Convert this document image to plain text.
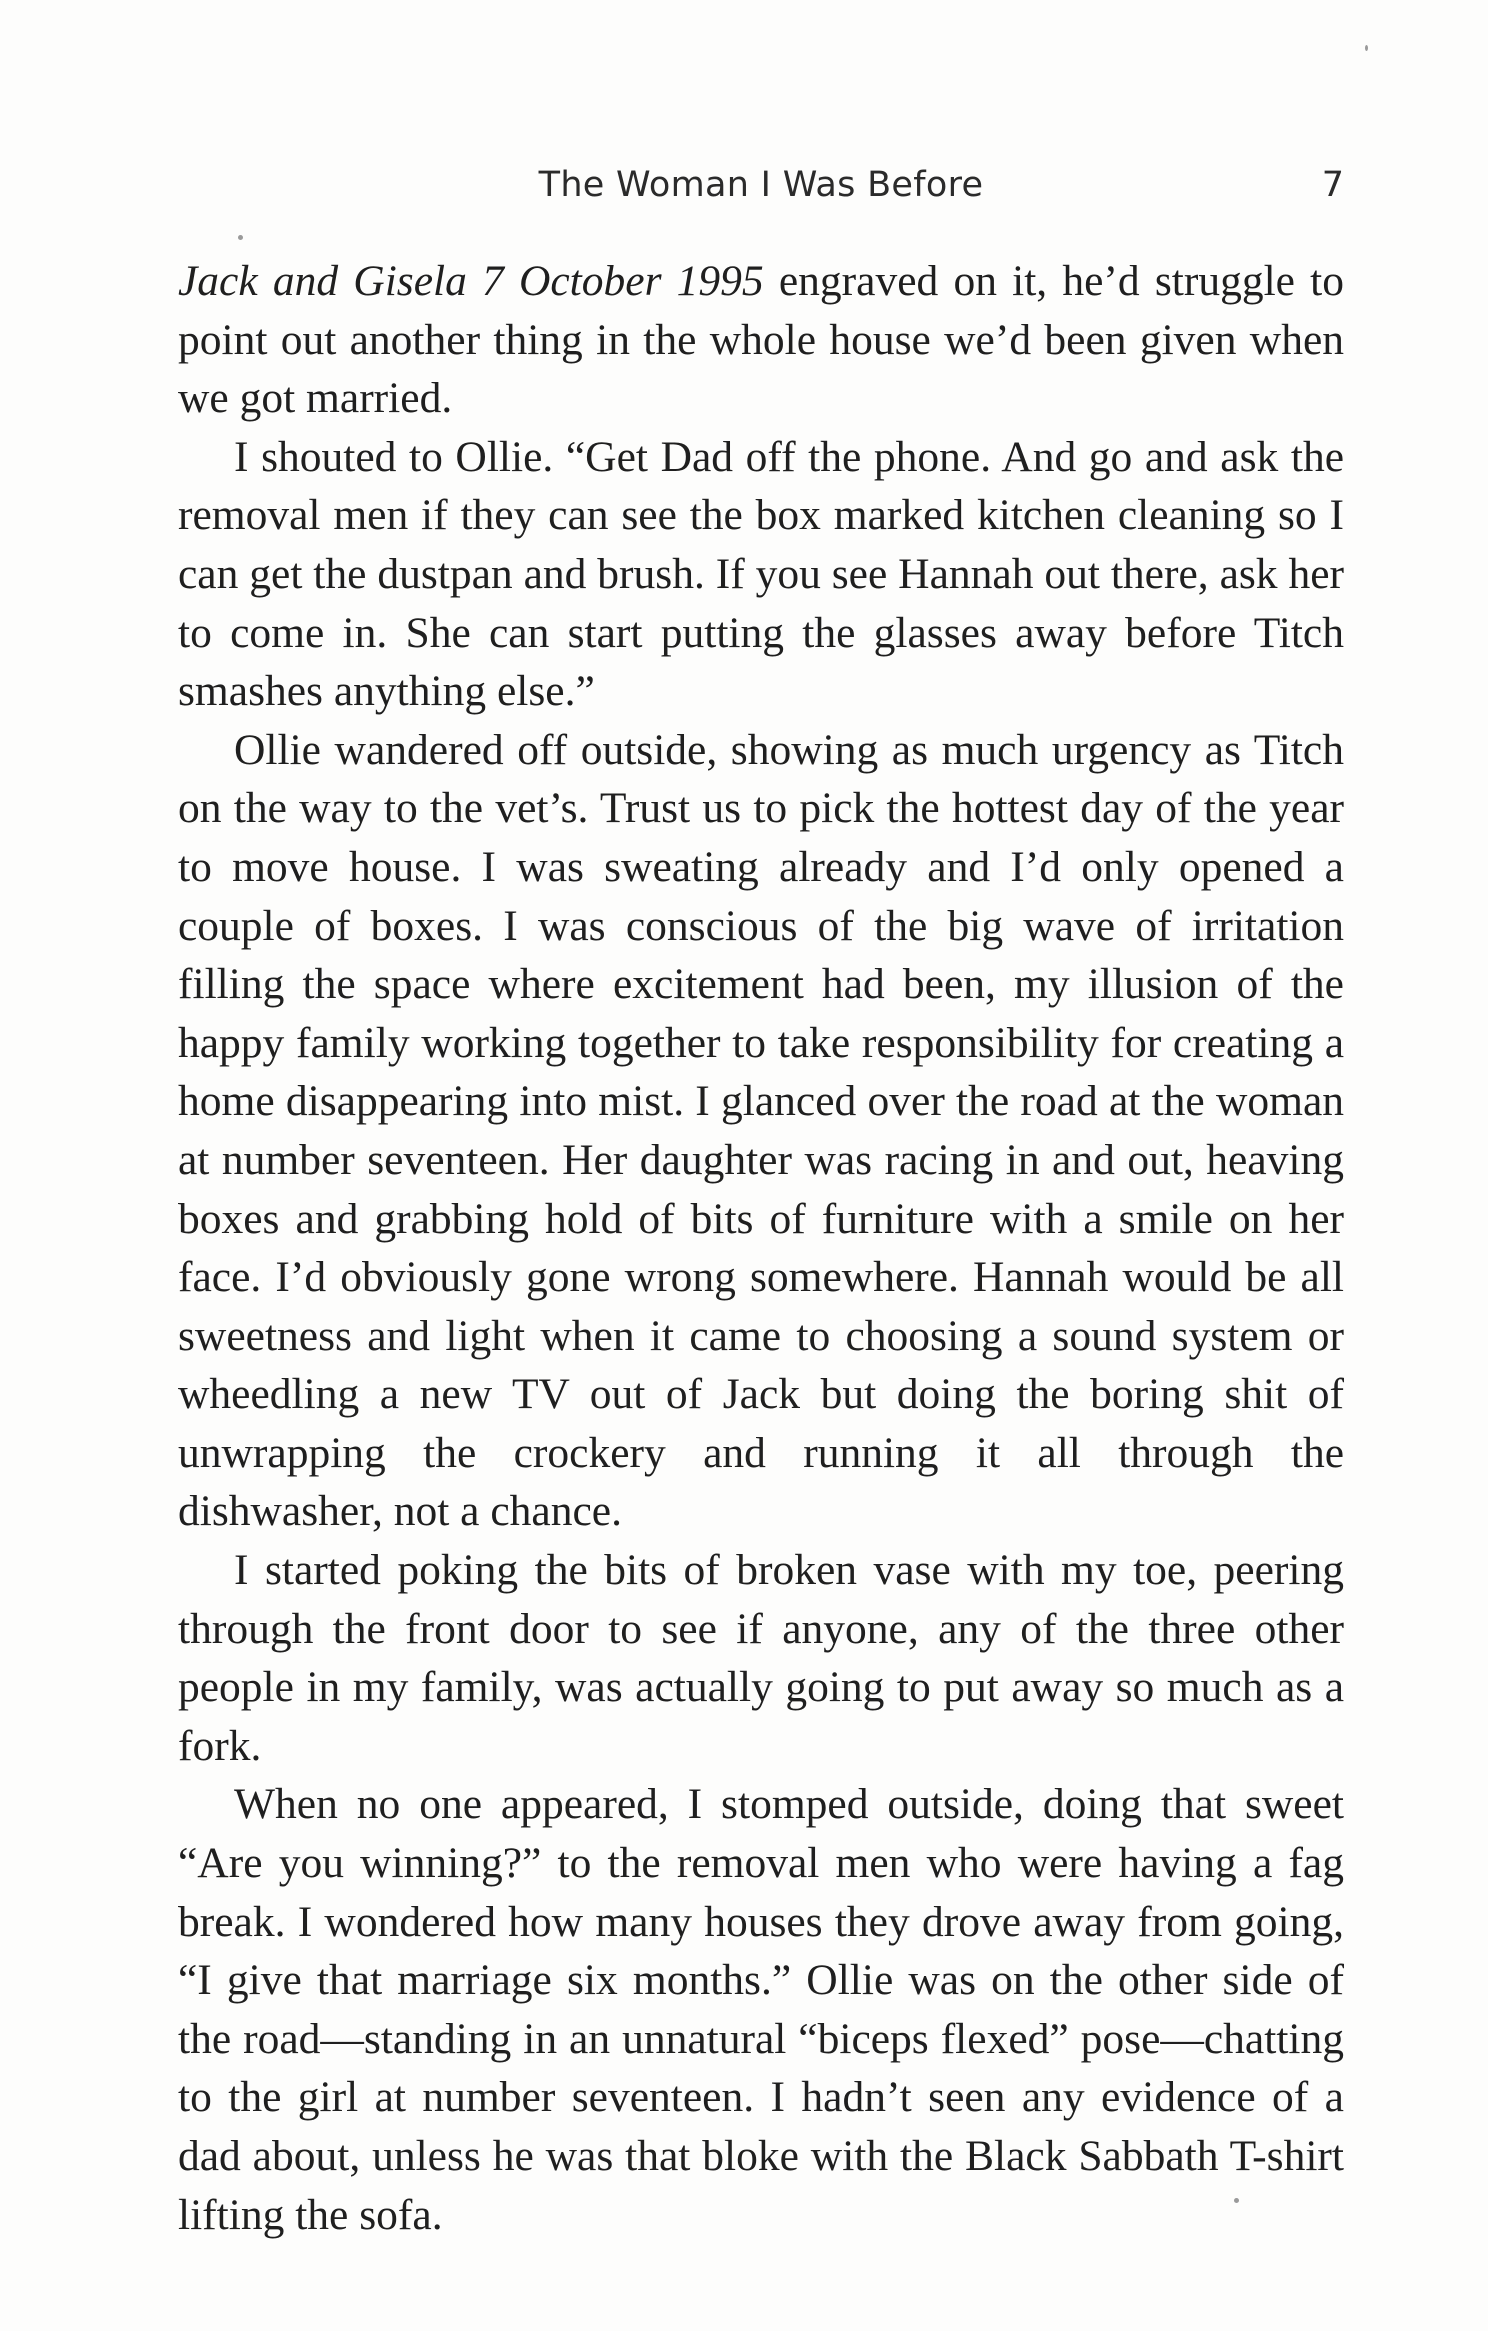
The Woman I Was Before	7

Jack and Gisela 7 October 1995 engraved on it, he’d struggle to point out another thing in the whole house we’d been given when we got married.

I shouted to Ollie. “Get Dad off the phone. And go and ask the removal men if they can see the box marked kitchen cleaning so I can get the dustpan and brush. If you see Hannah out there, ask her to come in. She can start putting the glasses away before Titch smashes anything else.”

Ollie wandered off outside, showing as much urgency as Titch on the way to the vet’s. Trust us to pick the hottest day of the year to move house. I was sweating already and I’d only opened a couple of boxes. I was conscious of the big wave of irritation filling the space where excitement had been, my illusion of the happy family working together to take responsibility for creating a home disappearing into mist. I glanced over the road at the woman at number seventeen. Her daughter was racing in and out, heaving boxes and grabbing hold of bits of furniture with a smile on her face. I’d obviously gone wrong somewhere. Hannah would be all sweetness and light when it came to choosing a sound system or wheedling a new TV out of Jack but doing the boring shit of unwrapping the crockery and running it all through the dishwasher, not a chance.

I started poking the bits of broken vase with my toe, peering through the front door to see if anyone, any of the three other people in my family, was actually going to put away so much as a fork.

When no one appeared, I stomped outside, doing that sweet “Are you winning?” to the removal men who were having a fag break. I wondered how many houses they drove away from going, “I give that marriage six months.” Ollie was on the other side of the road—standing in an unnatural “biceps flexed” pose—chatting to the girl at number seventeen. I hadn’t seen any evidence of a dad about, unless he was that bloke with the Black Sabbath T-shirt lifting the sofa.
